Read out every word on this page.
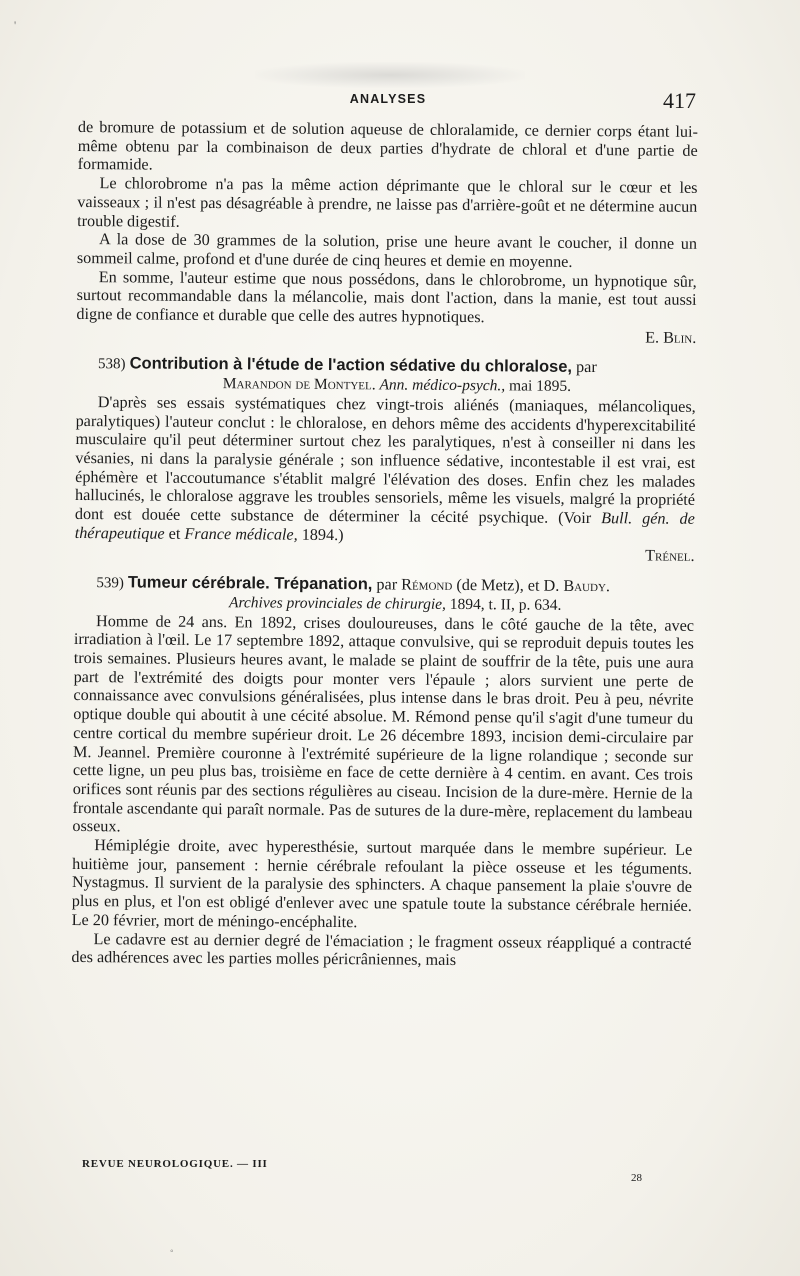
'
◦
ANALYSES	417

de bromure de potassium et de solution aqueuse de chloralamide, ce dernier corps étant lui-même obtenu par la combinaison de deux parties d'hydrate de chloral et d'une partie de formamide.

Le chlorobrome n'a pas la même action déprimante que le chloral sur le cœur et les vaisseaux ; il n'est pas désagréable à prendre, ne laisse pas d'arrière-goût et ne détermine aucun trouble digestif.

A la dose de 30 grammes de la solution, prise une heure avant le coucher, il donne un sommeil calme, profond et d'une durée de cinq heures et demie en moyenne.

En somme, l'auteur estime que nous possédons, dans le chlorobrome, un hypnotique sûr, surtout recommandable dans la mélancolie, mais dont l'action, dans la manie, est tout aussi digne de confiance et durable que celle des autres hypnotiques.

E. Blin.

538) Contribution à l'étude de l'action sédative du chloralose, par

Marandon de Montyel. Ann. médico-psych., mai 1895.

D'après ses essais systématiques chez vingt-trois aliénés (maniaques, mélancoliques, paralytiques) l'auteur conclut : le chloralose, en dehors même des accidents d'hyperexcitabilité musculaire qu'il peut déterminer surtout chez les paralytiques, n'est à conseiller ni dans les vésanies, ni dans la paralysie générale ; son influence sédative, incontestable il est vrai, est éphémère et l'accoutumance s'établit malgré l'élévation des doses. Enfin chez les malades hallucinés, le chloralose aggrave les troubles sensoriels, même les visuels, malgré la propriété dont est douée cette substance de déterminer la cécité psychique. (Voir Bull. gén. de thérapeutique et France médicale, 1894.)

Trénel.

539) Tumeur cérébrale. Trépanation, par Rémond (de Metz), et D. Baudy.

Archives provinciales de chirurgie, 1894, t. II, p. 634.

Homme de 24 ans. En 1892, crises douloureuses, dans le côté gauche de la tête, avec irradiation à l'œil. Le 17 septembre 1892, attaque convulsive, qui se reproduit depuis toutes les trois semaines. Plusieurs heures avant, le malade se plaint de souffrir de la tête, puis une aura part de l'extrémité des doigts pour monter vers l'épaule ; alors survient une perte de connaissance avec convulsions généralisées, plus intense dans le bras droit. Peu à peu, névrite optique double qui aboutit à une cécité absolue. M. Rémond pense qu'il s'agit d'une tumeur du centre cortical du membre supérieur droit. Le 26 décembre 1893, incision demi-circulaire par M. Jeannel. Première couronne à l'extrémité supérieure de la ligne rolandique ; seconde sur cette ligne, un peu plus bas, troisième en face de cette dernière à 4 centim. en avant. Ces trois orifices sont réunis par des sections régulières au ciseau. Incision de la dure-mère. Hernie de la frontale ascendante qui paraît normale. Pas de sutures de la dure-mère, replacement du lambeau osseux.

Hémiplégie droite, avec hyperesthésie, surtout marquée dans le membre supérieur. Le huitième jour, pansement : hernie cérébrale refoulant la pièce osseuse et les téguments. Nystagmus. Il survient de la paralysie des sphincters. A chaque pansement la plaie s'ouvre de plus en plus, et l'on est obligé d'enlever avec une spatule toute la substance cérébrale herniée. Le 20 février, mort de méningo-encéphalite.

Le cadavre est au dernier degré de l'émaciation ; le fragment osseux réappliqué a contracté des adhérences avec les parties molles péricrâniennes, mais

REVUE NEUROLOGIQUE. — III
28
